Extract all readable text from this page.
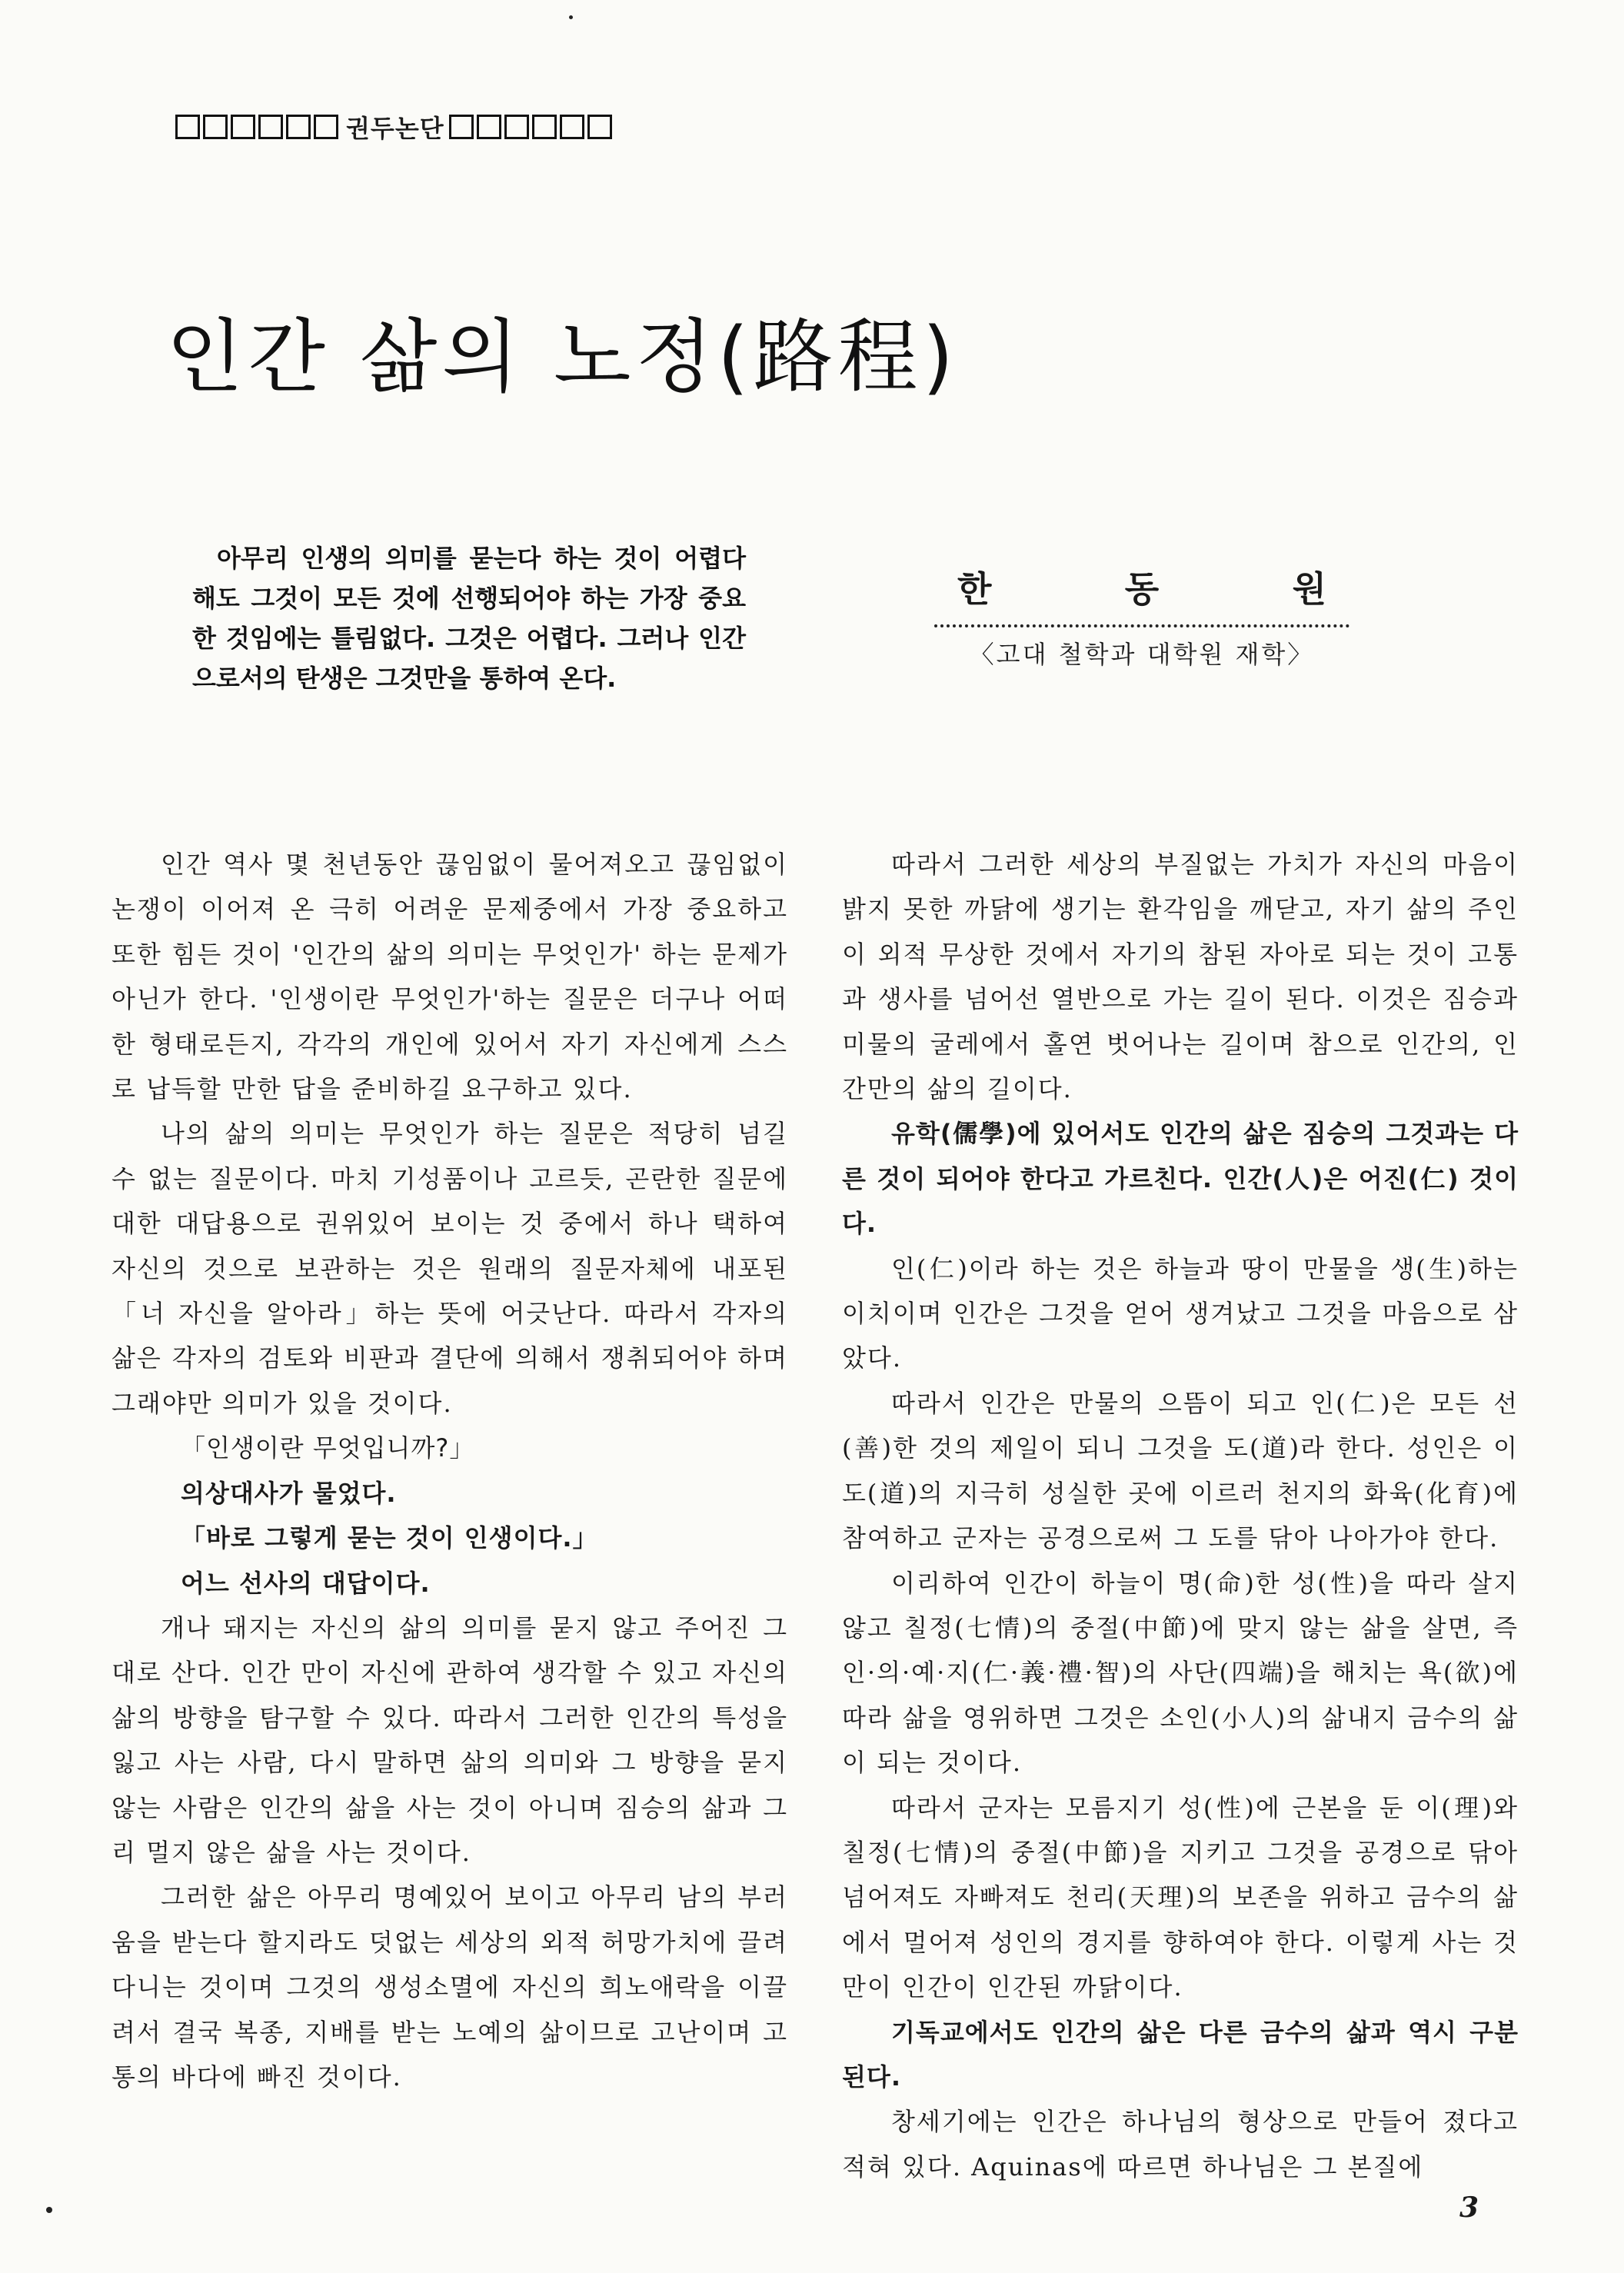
권두논단
인간 삶의 노정(路程)
아무리 인생의 의미를 묻는다 하는 것이 어렵다 해도 그것이 모든 것에 선행되어야 하는 가장 중요한 것임에는 틀림없다. 그것은 어렵다. 그러나 인간으로서의 탄생은 그것만을 통하여 온다.
한	동	원
〈고대 철학과 대학원 재학〉

인간 역사 몇 천년동안 끊임없이 물어져오고 끊임없이 논쟁이 이어져 온 극히 어려운 문제중에서 가장 중요하고 또한 힘든 것이 '인간의 삶의 의미는 무엇인가' 하는 문제가 아닌가 한다. '인생이란 무엇인가'하는 질문은 더구나 어떠한 형태로든지, 각각의 개인에 있어서 자기 자신에게 스스로 납득할 만한 답을 준비하길 요구하고 있다.

나의 삶의 의미는 무엇인가 하는 질문은 적당히 넘길 수 없는 질문이다. 마치 기성품이나 고르듯, 곤란한 질문에 대한 대답용으로 권위있어 보이는 것 중에서 하나 택하여 자신의 것으로 보관하는 것은 원래의 질문자체에 내포된 「너 자신을 알아라」하는 뜻에 어긋난다. 따라서 각자의 삶은 각자의 검토와 비판과 결단에 의해서 쟁취되어야 하며 그래야만 의미가 있을 것이다.

「인생이란 무엇입니까?」

의상대사가 물었다.

「바로 그렇게 묻는 것이 인생이다.」

어느 선사의 대답이다.

개나 돼지는 자신의 삶의 의미를 묻지 않고 주어진 그대로 산다. 인간 만이 자신에 관하여 생각할 수 있고 자신의 삶의 방향을 탐구할 수 있다. 따라서 그러한 인간의 특성을 잃고 사는 사람, 다시 말하면 삶의 의미와 그 방향을 묻지 않는 사람은 인간의 삶을 사는 것이 아니며 짐승의 삶과 그리 멀지 않은 삶을 사는 것이다.

그러한 삶은 아무리 명예있어 보이고 아무리 남의 부러움을 받는다 할지라도 덧없는 세상의 외적 허망가치에 끌려 다니는 것이며 그것의 생성소멸에 자신의 희노애락을 이끌려서 결국 복종, 지배를 받는 노예의 삶이므로 고난이며 고통의 바다에 빠진 것이다.

따라서 그러한 세상의 부질없는 가치가 자신의 마음이 밝지 못한 까닭에 생기는 환각임을 깨닫고, 자기 삶의 주인이 외적 무상한 것에서 자기의 참된 자아로 되는 것이 고통과 생사를 넘어선 열반으로 가는 길이 된다. 이것은 짐승과 미물의 굴레에서 홀연 벗어나는 길이며 참으로 인간의, 인간만의 삶의 길이다.

유학(儒學)에 있어서도 인간의 삶은 짐승의 그것과는 다른 것이 되어야 한다고 가르친다. 인간(人)은 어진(仁) 것이다.

인(仁)이라 하는 것은 하늘과 땅이 만물을 생(生)하는 이치이며 인간은 그것을 얻어 생겨났고 그것을 마음으로 삼았다.

따라서 인간은 만물의 으뜸이 되고 인(仁)은 모든 선(善)한 것의 제일이 되니 그것을 도(道)라 한다. 성인은 이 도(道)의 지극히 성실한 곳에 이르러 천지의 화육(化育)에 참여하고 군자는 공경으로써 그 도를 닦아 나아가야 한다.

이리하여 인간이 하늘이 명(命)한 성(性)을 따라 살지 않고 칠정(七情)의 중절(中節)에 맞지 않는 삶을 살면, 즉 인·의·예·지(仁·義·禮·智)의 사단(四端)을 해치는 욕(欲)에 따라 삶을 영위하면 그것은 소인(小人)의 삶내지 금수의 삶이 되는 것이다.

따라서 군자는 모름지기 성(性)에 근본을 둔 이(理)와 칠정(七情)의 중절(中節)을 지키고 그것을 공경으로 닦아 넘어져도 자빠져도 천리(天理)의 보존을 위하고 금수의 삶에서 멀어져 성인의 경지를 향하여야 한다. 이렇게 사는 것만이 인간이 인간된 까닭이다.

기독교에서도 인간의 삶은 다른 금수의 삶과 역시 구분된다.

창세기에는 인간은 하나님의 형상으로 만들어 졌다고 적혀 있다. Aquinas에 따르면 하나님은 그 본질에

3
